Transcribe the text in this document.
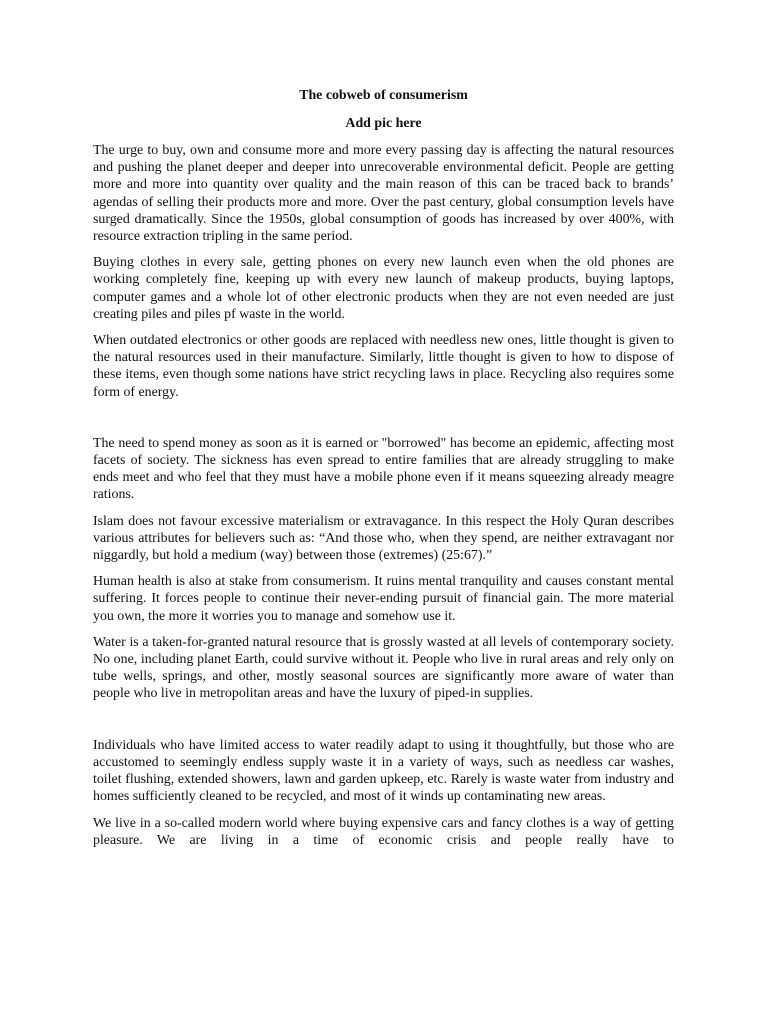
The cobweb of consumerism

Add pic here

The urge to buy, own and consume more and more every passing day is affecting the natural resources and pushing the planet deeper and deeper into unrecoverable environmental deficit. People are getting more and more into quantity over quality and the main reason of this can be traced back to brands’ agendas of selling their products more and more. Over the past century, global consumption levels have surged dramatically. Since the 1950s, global consumption of goods has increased by over 400%, with resource extraction tripling in the same period.

Buying clothes in every sale, getting phones on every new launch even when the old phones are working completely fine, keeping up with every new launch of makeup products, buying laptops, computer games and a whole lot of other electronic products when they are not even needed are just creating piles and piles pf waste in the world.

When outdated electronics or other goods are replaced with needless new ones, little thought is given to the natural resources used in their manufacture. Similarly, little thought is given to how to dispose of these items, even though some nations have strict recycling laws in place. Recycling also requires some form of energy.

The need to spend money as soon as it is earned or "borrowed" has become an epidemic, affecting most facets of society. The sickness has even spread to entire families that are already struggling to make ends meet and who feel that they must have a mobile phone even if it means squeezing already meagre rations.

Islam does not favour excessive materialism or extravagance. In this respect the Holy Quran describes various attributes for believers such as: “And those who, when they spend, are neither extravagant nor niggardly, but hold a medium (way) between those (extremes) (25:67).”

Human health is also at stake from consumerism. It ruins mental tranquility and causes constant mental suffering. It forces people to continue their never-ending pursuit of financial gain. The more material you own, the more it worries you to manage and somehow use it.

Water is a taken-for-granted natural resource that is grossly wasted at all levels of contemporary society. No one, including planet Earth, could survive without it. People who live in rural areas and rely only on tube wells, springs, and other, mostly seasonal sources are significantly more aware of water than people who live in metropolitan areas and have the luxury of piped-in supplies.

Individuals who have limited access to water readily adapt to using it thoughtfully, but those who are accustomed to seemingly endless supply waste it in a variety of ways, such as needless car washes, toilet flushing, extended showers, lawn and garden upkeep, etc. Rarely is waste water from industry and homes sufficiently cleaned to be recycled, and most of it winds up contaminating new areas.

We live in a so-called modern world where buying expensive cars and fancy clothes is a way of getting pleasure. We are living in a time of economic crisis and people really have to
